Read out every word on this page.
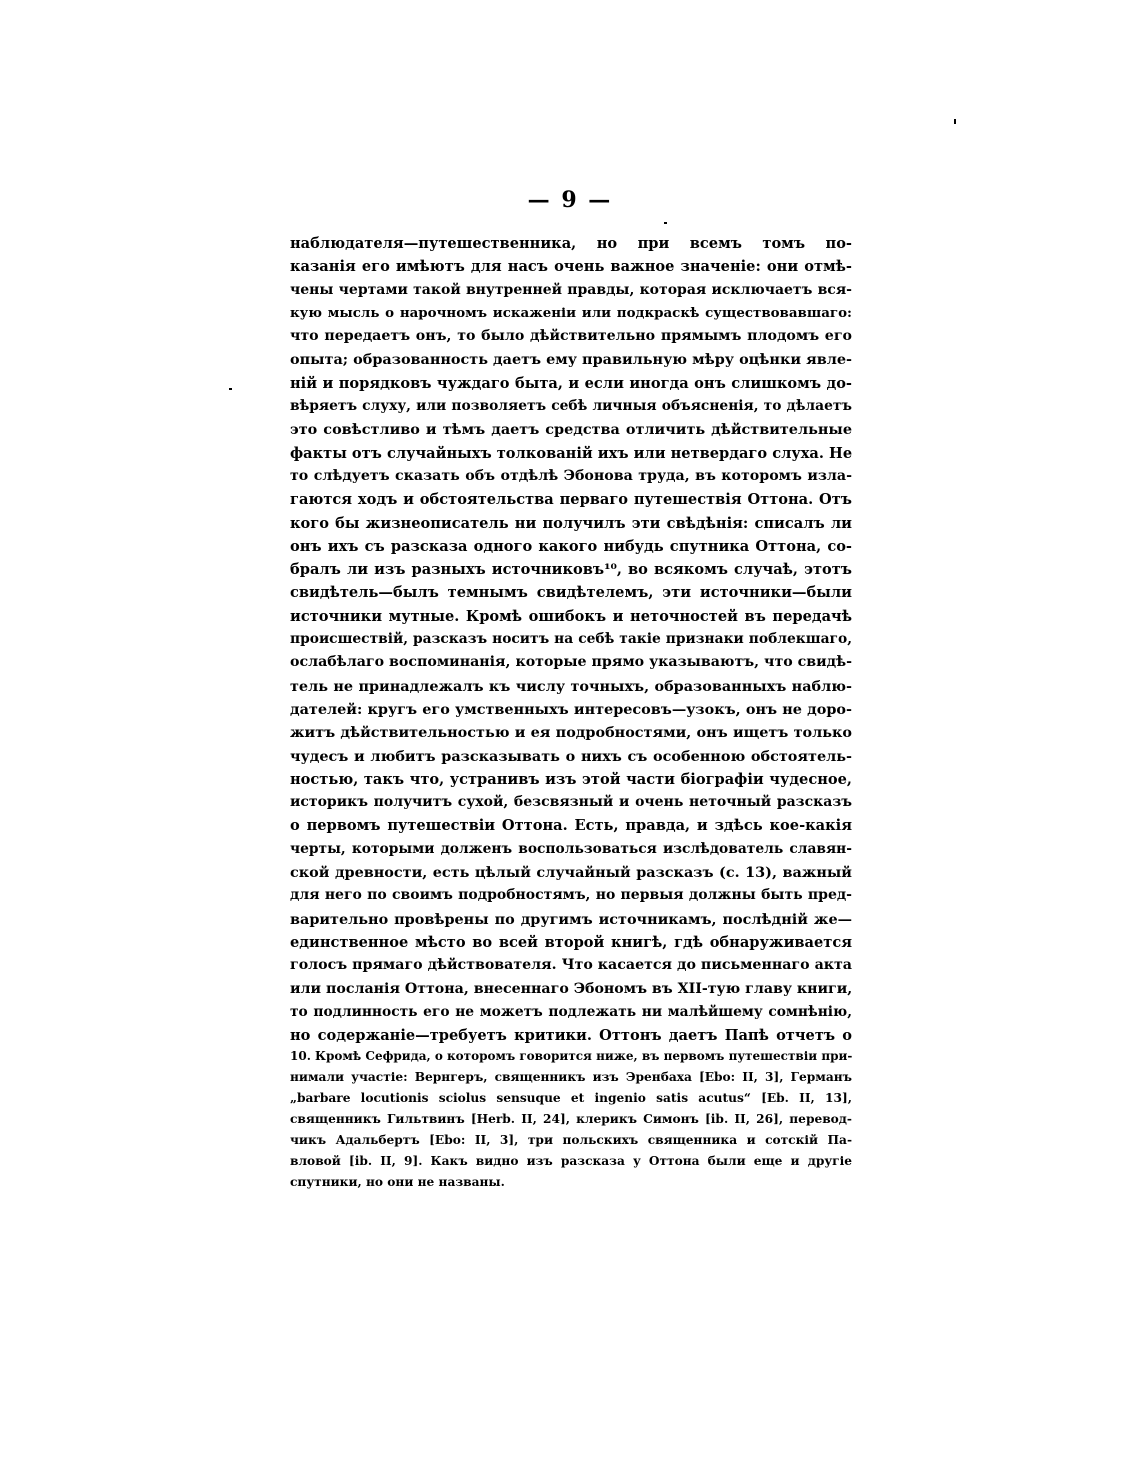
— 9 —
наблюдателя—путешественника, но при всемъ томъ по-
казанія его имѣютъ для насъ очень важное значеніе: они отмѣ-
чены чертами такой внутренней правды, которая исключаетъ вся-
кую мысль о нарочномъ искаженіи или подкраскѣ существовавшаго:
что передаетъ онъ, то было дѣйствительно прямымъ плодомъ его
опыта; образованность даетъ ему правильную мѣру оцѣнки явле-
ній и порядковъ чуждаго быта, и если иногда онъ слишкомъ до-
вѣряетъ слуху, или позволяетъ себѣ личныя объясненія, то дѣлаетъ
это совѣстливо и тѣмъ даетъ средства отличить дѣйствительные
факты отъ случайныхъ толкованій ихъ или нетвердаго слуха. Не
то слѣдуетъ сказать объ отдѣлѣ Эбонова труда, въ которомъ изла-
гаются ходъ и обстоятельства перваго путешествія Оттона. Отъ
кого бы жизнеописатель ни получилъ эти свѣдѣнія: списалъ ли
онъ ихъ съ разсказа одного какого нибудь спутника Оттона, со-
бралъ ли изъ разныхъ источниковъ¹⁰, во всякомъ случаѣ, этотъ
свидѣтель—былъ темнымъ свидѣтелемъ, эти источники—были
источники мутные. Кромѣ ошибокъ и неточностей въ передачѣ
происшествій, разсказъ носитъ на себѣ такіе признаки поблекшаго,
ослабѣлаго воспоминанія, которые прямо указываютъ, что свидѣ-
тель не принадлежалъ къ числу точныхъ, образованныхъ наблю-
дателей: кругъ его умственныхъ интересовъ—узокъ, онъ не доро-
житъ дѣйствительностью и ея подробностями, онъ ищетъ только
чудесъ и любитъ разсказывать о нихъ съ особенною обстоятель-
ностью, такъ что, устранивъ изъ этой части біографіи чудесное,
историкъ получитъ сухой, безсвязный и очень неточный разсказъ
о первомъ путешествіи Оттона. Есть, правда, и здѣсь кое-какія
черты, которыми долженъ воспользоваться изслѣдователь славян-
ской древности, есть цѣлый случайный разсказъ (с. 13), важный
для него по своимъ подробностямъ, но первыя должны быть пред-
варительно провѣрены по другимъ источникамъ, послѣдній же—
единственное мѣсто во всей второй книгѣ, гдѣ обнаруживается
голосъ прямаго дѣйствователя. Что касается до письменнаго акта
или посланія Оттона, внесеннаго Эбономъ въ XII-тую главу книги,
то подлинность его не можетъ подлежать ни малѣйшему сомнѣнію,
но содержаніе—требуетъ критики. Оттонъ даетъ Папѣ отчетъ о
10. Кромѣ Сефрида, о которомъ говорится ниже, въ первомъ путешествіи при-
нимали участіе: Вернгеръ, священникъ изъ Эренбаха [Ebo: II, 3], Германъ
„barbare locutionis sciolus sensuque et ingenio satis acutus“ [Eb. II, 13],
священникъ Гильтвинъ [Herb. II, 24], клерикъ Симонъ [ib. II, 26], перевод-
чикъ Адальбертъ [Ebo: II, 3], три польскихъ священника и сотскій Па-
вловой [ib. II, 9]. Какъ видно изъ разсказа у Оттона были еще и другіе
спутники, но они не названы.
